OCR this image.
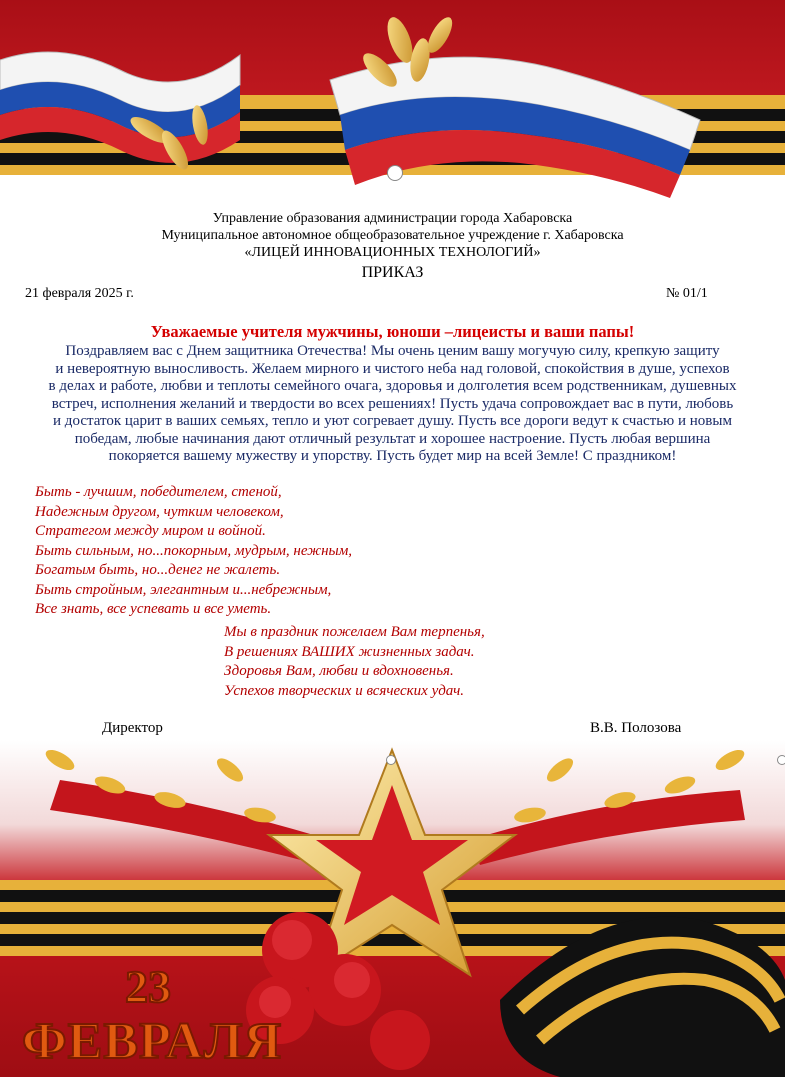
Управление образования администрации города Хабаровска
Муниципальное автономное общеобразовательное учреждение г. Хабаровска
«ЛИЦЕЙ ИННОВАЦИОННЫХ ТЕХНОЛОГИЙ»
ПРИКАЗ
21 февраля 2025 г.	№ 01/1
Уважаемые учителя мужчины, юноши –лицеисты и ваши папы!
Поздравляем вас с Днем защитника Отечества! Мы очень ценим вашу могучую силу, крепкую защиту
и невероятную выносливость. Желаем мирного и чистого неба над головой, спокойствия в душе, успехов
в делах и работе, любви и теплоты семейного очага, здоровья и долголетия всем родственникам, душевных
встреч, исполнения желаний и твердости во всех решениях! Пусть удача сопровождает вас в пути, любовь
и достаток царит в ваших семьях, тепло и уют согревает душу. Пусть все дороги ведут к счастью и новым
победам, любые начинания дают отличный результат и хорошее настроение. Пусть любая вершина
покоряется вашему мужеству и упорству. Пусть будет мир на всей Земле! С праздником!
Быть - лучшим, победителем, стеной,
Надежным другом, чутким человеком,
Стратегом между миром и войной.
Быть сильным, но...покорным, мудрым, нежным,
Богатым быть, но...денег не жалеть.
Быть стройным, элегантным и...небрежным,
Все знать, все успевать и все уметь.
Мы в праздник пожелаем Вам терпенья,
В решениях ВАШИХ жизненных задач.
Здоровья Вам, любви и вдохновенья.
Успехов творческих и всяческих удач.
Директор	В.В. Полозова
23
ФЕВРАЛЯ
